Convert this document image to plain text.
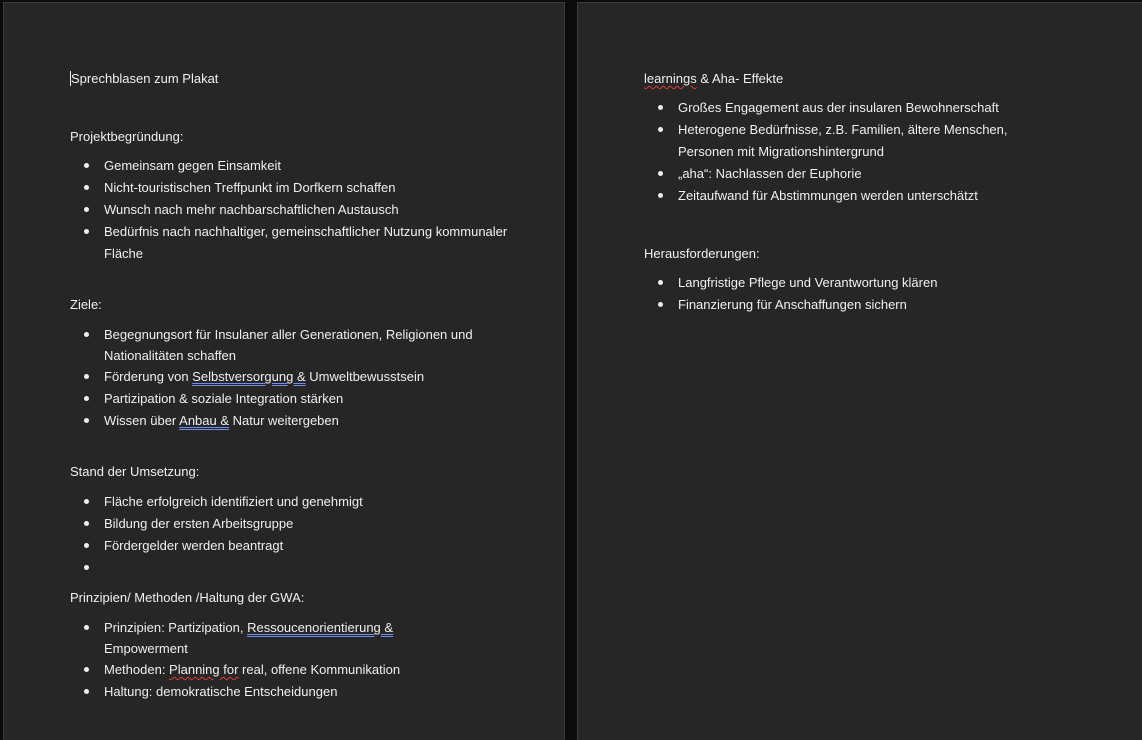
Sprechblasen zum Plakat

Projektbegründung:

Gemeinsam gegen Einsamkeit
Nicht-touristischen Treffpunkt im Dorfkern schaffen
Wunsch nach mehr nachbarschaftlichen Austausch
Bedürfnis nach nachhaltiger, gemeinschaftlicher Nutzung kommunaler Fläche

Ziele:

Begegnungsort für Insulaner aller Generationen, Religionen und Nationalitäten schaffen
Förderung von Selbstversorgung & Umweltbewusstsein
Partizipation & soziale Integration stärken
Wissen über Anbau & Natur weitergeben

Stand der Umsetzung:

Fläche erfolgreich identifiziert und genehmigt
Bildung der ersten Arbeitsgruppe
Fördergelder werden beantragt

Prinzipien/ Methoden /Haltung der GWA:

Prinzipien: Partizipation, Ressoucenorientierung &
Empowerment
Methoden: Planning for real, offene Kommunikation
Haltung: demokratische Entscheidungen

learnings & Aha- Effekte

Großes Engagement aus der insularen Bewohnerschaft
Heterogene Bedürfnisse, z.B. Familien, ältere Menschen, Personen mit Migrationshintergrund
„aha“: Nachlassen der Euphorie
Zeitaufwand für Abstimmungen werden unterschätzt

Herausforderungen:

Langfristige Pflege und Verantwortung klären
Finanzierung für Anschaffungen sichern
